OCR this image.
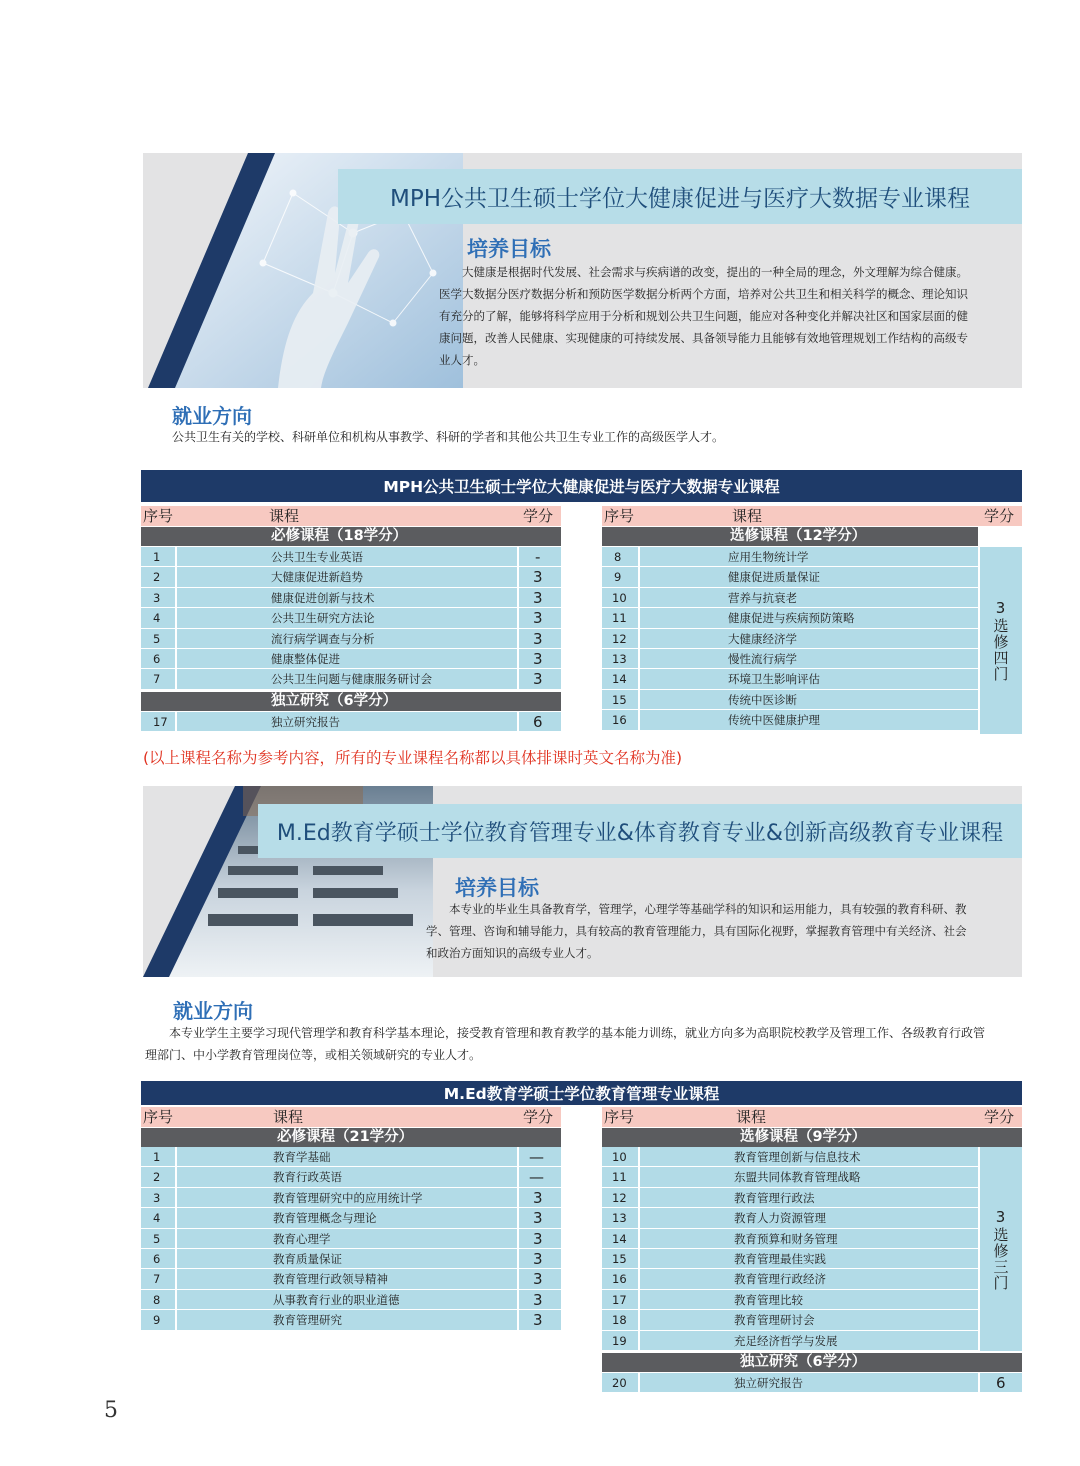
MPH公共卫生硕士学位大健康促进与医疗大数据专业课程
培养目标

大健康是根据时代发展、社会需求与疾病谱的改变，提出的一种全局的理念，外文理解为综合健康。医学大数据分医疗数据分析和预防医学数据分析两个方面，培养对公共卫生和相关科学的概念、理论知识有充分的了解，能够将科学应用于分析和规划公共卫生问题，能应对各种变化并解决社区和国家层面的健康问题，改善人民健康、实现健康的可持续发展、具备领导能力且能够有效地管理规划工作结构的高级专业人才。

就业方向
公共卫生有关的学校、科研单位和机构从事教学、科研的学者和其他公共卫生专业工作的高级医学人才。
MPH公共卫生硕士学位大健康促进与医疗大数据专业课程
序号	课程	学分
必修课程（18学分）
1	公共卫生专业英语	-
2	大健康促进新趋势	3
3	健康促进创新与技术	3
4	公共卫生研究方法论	3
5	流行病学调查与分析	3
6	健康整体促进	3
7	公共卫生问题与健康服务研讨会	3
独立研究（6学分）
17	独立研究报告	6
序号	课程	学分
选修课程（12学分）
8	应用生物统计学
9	健康促进质量保证
10	营养与抗衰老
11	健康促进与疾病预防策略
12	大健康经济学
13	慢性流行病学
14	环境卫生影响评估
15	传统中医诊断
16	传统中医健康护理
3选修四门
(以上课程名称为参考内容，所有的专业课程名称都以具体排课时英文名称为准)
M.Ed教育学硕士学位教育管理专业&体育教育专业&创新高级教育专业课程
培养目标

本专业的毕业生具备教育学，管理学，心理学等基础学科的知识和运用能力，具有较强的教育科研、教学、管理、咨询和辅导能力，具有较高的教育管理能力，具有国际化视野，掌握教育管理中有关经济、社会和政治方面知识的高级专业人才。

就业方向
本专业学生主要学习现代管理学和教育科学基本理论，接受教育管理和教育教学的基本能力训练，就业方向多为高职院校教学及管理工作、各级教育行政管理部门、中小学教育管理岗位等，或相关领域研究的专业人才。
M.Ed教育学硕士学位教育管理专业课程
序号	课程	学分
必修课程（21学分）
1	教育学基础	—
2	教育行政英语	—
3	教育管理研究中的应用统计学	3
4	教育管理概念与理论	3
5	教育心理学	3
6	教育质量保证	3
7	教育管理行政领导精神	3
8	从事教育行业的职业道德	3
9	教育管理研究	3
序号	课程	学分
选修课程（9学分）
10	教育管理创新与信息技术
11	东盟共同体教育管理战略
12	教育管理行政法
13	教育人力资源管理
14	教育预算和财务管理
15	教育管理最佳实践
16	教育管理行政经济
17	教育管理比较
18	教育管理研讨会
19	充足经济哲学与发展
3选修三门
独立研究（6学分）
20	独立研究报告	6
5
